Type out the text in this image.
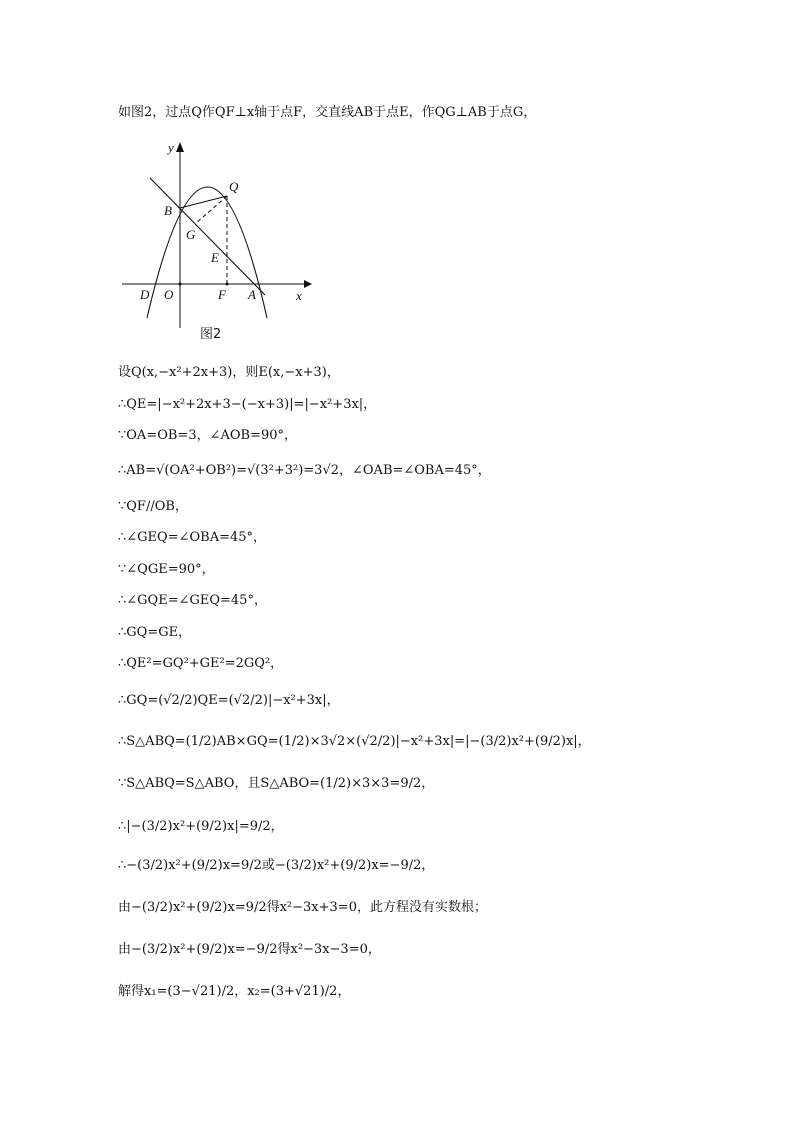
如图2，过点Q作QF⊥x轴于点F，交直线AB于点E，作QG⊥AB于点G，
y
x
Q
B
G
E
D O	F A
图2
设Q(x,−x²+2x+3)，则E(x,−x+3)，
∴QE=|−x²+2x+3−(−x+3)|=|−x²+3x|，
∵OA=OB=3，∠AOB=90°，
∴AB=√(OA²+OB²)=√(3²+3²)=3√2，∠OAB=∠OBA=45°，
∵QF//OB，
∴∠GEQ=∠OBA=45°，
∵∠QGE=90°，
∴∠GQE=∠GEQ=45°，
∴GQ=GE，
∴QE²=GQ²+GE²=2GQ²，
∴GQ=(√2/2)QE=(√2/2)|−x²+3x|，
∴S△ABQ=(1/2)AB×GQ=(1/2)×3√2×(√2/2)|−x²+3x|=|−(3/2)x²+(9/2)x|，
∵S△ABQ=S△ABO，且S△ABO=(1/2)×3×3=9/2，
∴|−(3/2)x²+(9/2)x|=9/2，
∴−(3/2)x²+(9/2)x=9/2或−(3/2)x²+(9/2)x=−9/2，
由−(3/2)x²+(9/2)x=9/2得x²−3x+3=0，此方程没有实数根；
由−(3/2)x²+(9/2)x=−9/2得x²−3x−3=0，
解得x₁=(3−√21)/2，x₂=(3+√21)/2，
